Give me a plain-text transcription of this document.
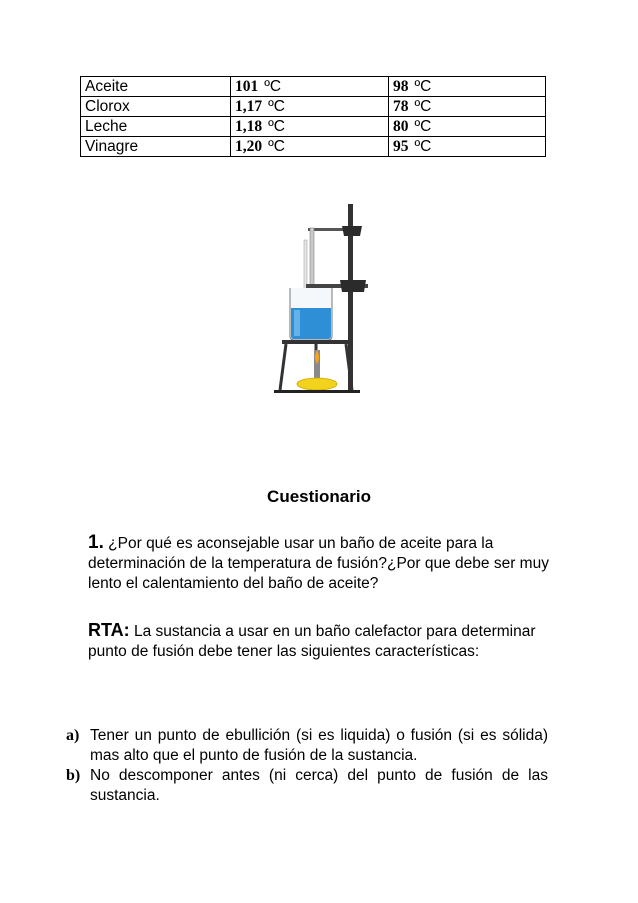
Aceite	101 ºC	98 ºC
Clorox	1,17 ºC	78 ºC
Leche	1,18 ºC	80 ºC
Vinagre	1,20 ºC	95 ºC
Cuestionario
1. ¿Por qué es aconsejable usar un baño de aceite para la determinación de la temperatura de fusión?¿Por que debe ser muy lento el calentamiento del baño de aceite?
RTA: La sustancia a usar en un baño calefactor para determinar punto de fusión debe tener las siguientes características:
a) Tener un punto de ebullición (si es liquida) o fusión (si es sólida) mas alto que el punto de fusión de la sustancia.
b) No descomponer antes (ni cerca) del punto de fusión de las sustancia.
